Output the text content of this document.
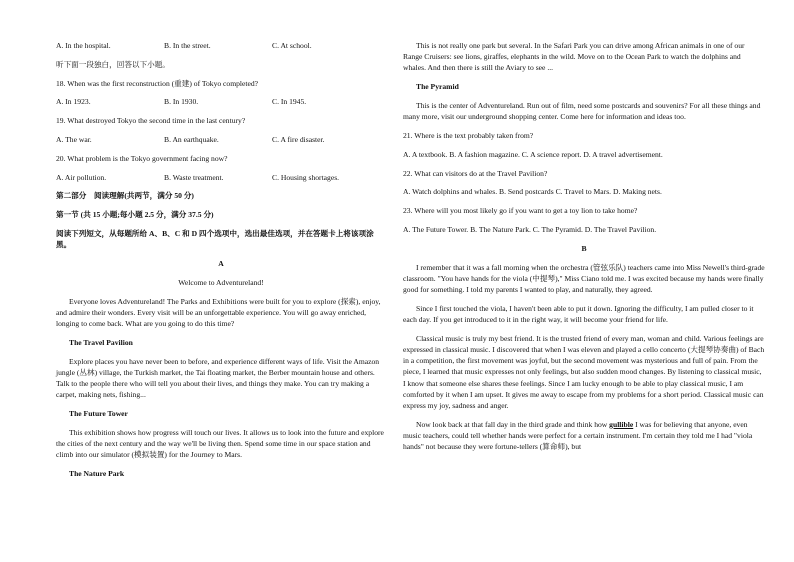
A. In the hospital.	B. In the street.	C. At school.

听下面一段独白，回答以下小题。

18. When was the first reconstruction (重建) of Tokyo completed?

A. In 1923.	B. In 1930.	C. In 1945.

19. What destroyed Tokyo the second time in the last century?

A. The war.	B. An earthquake.	C. A fire disaster.

20. What problem is the Tokyo government facing now?

A. Air pollution.	B. Waste treatment.	C. Housing shortages.

第二部分　阅读理解(共两节，满分 50 分)

第一节 (共 15 小题;每小题 2.5 分，满分 37.5 分)

阅读下列短文，从每题所给 A、B、C 和 D 四个选项中，选出最佳选项，并在答题卡上将该项涂黑。

A

Welcome to Adventureland!

Everyone loves Adventureland! The Parks and Exhibitions were built for you to explore (探索), enjoy, and admire their wonders. Every visit will be an unforgettable experience. You will go away enriched, longing to come back. What are you going to do this time?

The Travel Pavilion

Explore places you have never been to before, and experience different ways of life. Visit the Amazon jungle (丛林) village, the Turkish market, the Tai floating market, the Berber mountain house and others. Talk to the people there who will tell you about their lives, and things they make. You can try making a carpet, making nets, fishing...

The Future Tower

This exhibition shows how progress will touch our lives. It allows us to look into the future and explore the cities of the next century and the way we'll be living then. Spend some time in our space station and climb into our simulator (模拟装置) for the Journey to Mars.

The Nature Park

This is not really one park but several. In the Safari Park you can drive among African animals in one of our Range Cruisers: see lions, giraffes, elephants in the wild. Move on to the Ocean Park to watch the dolphins and whales. And then there is still the Aviary to see ...

The Pyramid

This is the center of Adventureland. Run out of film, need some postcards and souvenirs? For all these things and many more, visit our underground shopping center. Come here for information and ideas too.

21. Where is the text probably taken from?

A. A textbook. B. A fashion magazine. C. A science report. D. A travel advertisement.

22. What can visitors do at the Travel Pavilion?

A. Watch dolphins and whales. B. Send postcards C. Travel to Mars. D. Making nets.

23. Where will you most likely go if you want to get a toy lion to take home?

A. The Future Tower. B. The Nature Park. C. The Pyramid. D. The Travel Pavilion.

B

I remember that it was a fall morning when the orchestra (管弦乐队) teachers came into Miss Newell's third-grade classroom. "You have hands for the viola (中提琴)," Miss Ciano told me. I was excited because my hands were finally good for something. I told my parents I wanted to play, and naturally, they agreed.

Since I first touched the viola, I haven't been able to put it down. Ignoring the difficulty, I am pulled closer to it each day. If you get introduced to it in the right way, it will become your friend for life.

Classical music is truly my best friend. It is the trusted friend of every man, woman and child. Various feelings are expressed in classical music. I discovered that when I was eleven and played a cello concerto (大提琴协奏曲) of Bach in a competition, the first movement was joyful, but the second movement was mysterious and full of pain. From the piece, I learned that music expresses not only feelings, but also sudden mood changes. By listening to classical music, I know that someone else shares these feelings. Since I am lucky enough to be able to play classical music, I am comforted by it when I am upset. It gives me away to escape from my problems for a short period. Classical music can express my joy, sadness and anger.

Now look back at that fall day in the third grade and think how gullible I was for believing that anyone, even music teachers, could tell whether hands were perfect for a certain instrument. I'm certain they told me I had "viola hands" not because they were fortune-tellers (算命师), but
